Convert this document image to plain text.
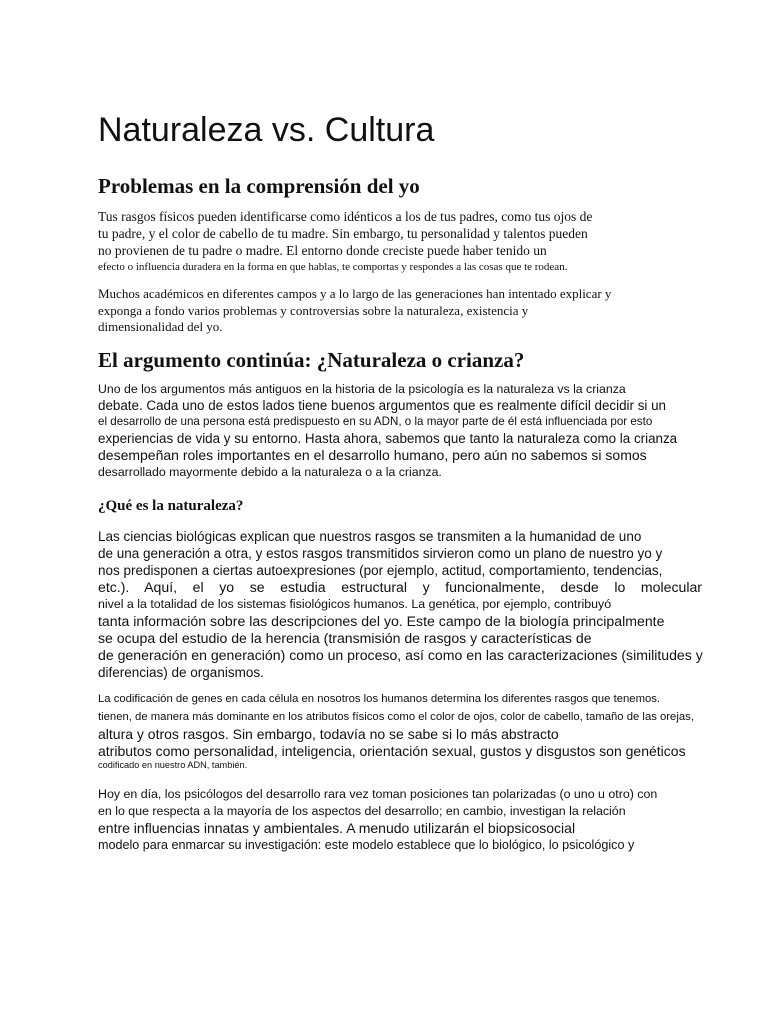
Naturaleza vs. Cultura
Problemas en la comprensión del yo

Tus rasgos físicos pueden identificarse como idénticos a los de tus padres, como tus ojos de
tu padre, y el color de cabello de tu madre. Sin embargo, tu personalidad y talentos pueden
no provienen de tu padre o madre. El entorno donde creciste puede haber tenido un
efecto o influencia duradera en la forma en que hablas, te comportas y respondes a las cosas que te rodean.

Muchos académicos en diferentes campos y a lo largo de las generaciones han intentado explicar y
exponga a fondo varios problemas y controversias sobre la naturaleza, existencia y
dimensionalidad del yo.

El argumento continúa: ¿Naturaleza o crianza?

Uno de los argumentos más antiguos en la historia de la psicología es la naturaleza vs la crianza
debate. Cada uno de estos lados tiene buenos argumentos que es realmente difícil decidir si un
el desarrollo de una persona está predispuesto en su ADN, o la mayor parte de él está influenciada por esto
experiencias de vida y su entorno. Hasta ahora, sabemos que tanto la naturaleza como la crianza
desempeñan roles importantes en el desarrollo humano, pero aún no sabemos si somos
desarrollado mayormente debido a la naturaleza o a la crianza.

¿Qué es la naturaleza?

Las ciencias biológicas explican que nuestros rasgos se transmiten a la humanidad de uno
de una generación a otra, y estos rasgos transmitidos sirvieron como un plano de nuestro yo y
nos predisponen a ciertas autoexpresiones (por ejemplo, actitud, comportamiento, tendencias,
etc.). Aquí, el yo se estudia estructural y funcionalmente, desde lo molecular
nivel a la totalidad de los sistemas fisiológicos humanos. La genética, por ejemplo, contribuyó
tanta información sobre las descripciones del yo. Este campo de la biología principalmente
se ocupa del estudio de la herencia (transmisión de rasgos y características de
de generación en generación) como un proceso, así como en las caracterizaciones (similitudes y
diferencias) de organismos.

La codificación de genes en cada célula en nosotros los humanos determina los diferentes rasgos que tenemos.
tienen, de manera más dominante en los atributos físicos como el color de ojos, color de cabello, tamaño de las orejas,
altura y otros rasgos. Sin embargo, todavía no se sabe si lo más abstracto
atributos como personalidad, inteligencia, orientación sexual, gustos y disgustos son genéticos
codificado en nuestro ADN, también.

Hoy en día, los psicólogos del desarrollo rara vez toman posiciones tan polarizadas (o uno u otro) con
en lo que respecta a la mayoría de los aspectos del desarrollo; en cambio, investigan la relación
entre influencias innatas y ambientales. A menudo utilizarán el biopsicosocial
modelo para enmarcar su investigación: este modelo establece que lo biológico, lo psicológico y
